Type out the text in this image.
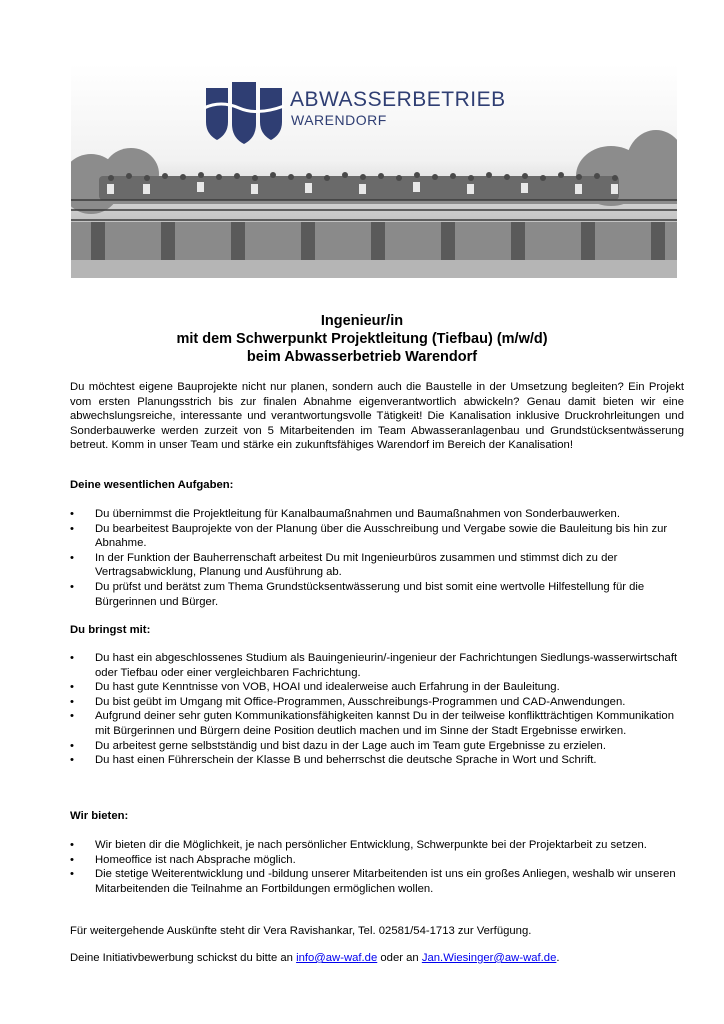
ABWASSERBETRIEB
WARENDORF
Ingenieur/in
mit dem Schwerpunkt Projektleitung (Tiefbau) (m/w/d)
beim Abwasserbetrieb Warendorf
Du möchtest eigene Bauprojekte nicht nur planen, sondern auch die Baustelle in der Umsetzung begleiten? Ein Projekt vom ersten Planungsstrich bis zur finalen Abnahme eigenverantwortlich abwickeln? Genau damit bieten wir eine abwechslungsreiche, interessante und verantwortungsvolle Tätigkeit! Die Kanalisation inklusive Druckrohrleitungen und Sonderbauwerke werden zurzeit von 5 Mitarbeitenden im Team Abwasseranlagenbau und Grundstücksentwässerung betreut. Komm in unser Team und stärke ein zukunftsfähiges Warendorf im Bereich der Kanalisation!
Deine wesentlichen Aufgaben:
• Du übernimmst die Projektleitung für Kanalbaumaßnahmen und Baumaßnahmen von Sonderbauwerken.
• Du bearbeitest Bauprojekte von der Planung über die Ausschreibung und Vergabe sowie die Bauleitung bis hin zur Abnahme.
• In der Funktion der Bauherrenschaft arbeitest Du mit Ingenieurbüros zusammen und stimmst dich zu der Vertragsabwicklung, Planung und Ausführung ab.
• Du prüfst und berätst zum Thema Grundstücksentwässerung und bist somit eine wertvolle Hilfestellung für die Bürgerinnen und Bürger.
Du bringst mit:
• Du hast ein abgeschlossenes Studium als Bauingenieurin/-ingenieur der Fachrichtungen Siedlungs-wasserwirtschaft oder Tiefbau oder einer vergleichbaren Fachrichtung.
• Du hast gute Kenntnisse von VOB, HOAI und idealerweise auch Erfahrung in der Bauleitung.
• Du bist geübt im Umgang mit Office-Programmen, Ausschreibungs-Programmen und CAD-Anwendungen.
• Aufgrund deiner sehr guten Kommunikationsfähigkeiten kannst Du in der teilweise konfliktträchtigen Kommunikation mit Bürgerinnen und Bürgern deine Position deutlich machen und im Sinne der Stadt Ergebnisse erwirken.
• Du arbeitest gerne selbstständig und bist dazu in der Lage auch im Team gute Ergebnisse zu erzielen.
• Du hast einen Führerschein der Klasse B und beherrschst die deutsche Sprache in Wort und Schrift.
Wir bieten:
• Wir bieten dir die Möglichkeit, je nach persönlicher Entwicklung, Schwerpunkte bei der Projektarbeit zu setzen.
• Homeoffice ist nach Absprache möglich.
• Die stetige Weiterentwicklung und -bildung unserer Mitarbeitenden ist uns ein großes Anliegen, weshalb wir unseren Mitarbeitenden die Teilnahme an Fortbildungen ermöglichen wollen.
Für weitergehende Auskünfte steht dir Vera Ravishankar, Tel. 02581/54-1713 zur Verfügung.
Deine Initiativbewerbung schickst du bitte an info@aw-waf.de oder an Jan.Wiesinger@aw-waf.de.
